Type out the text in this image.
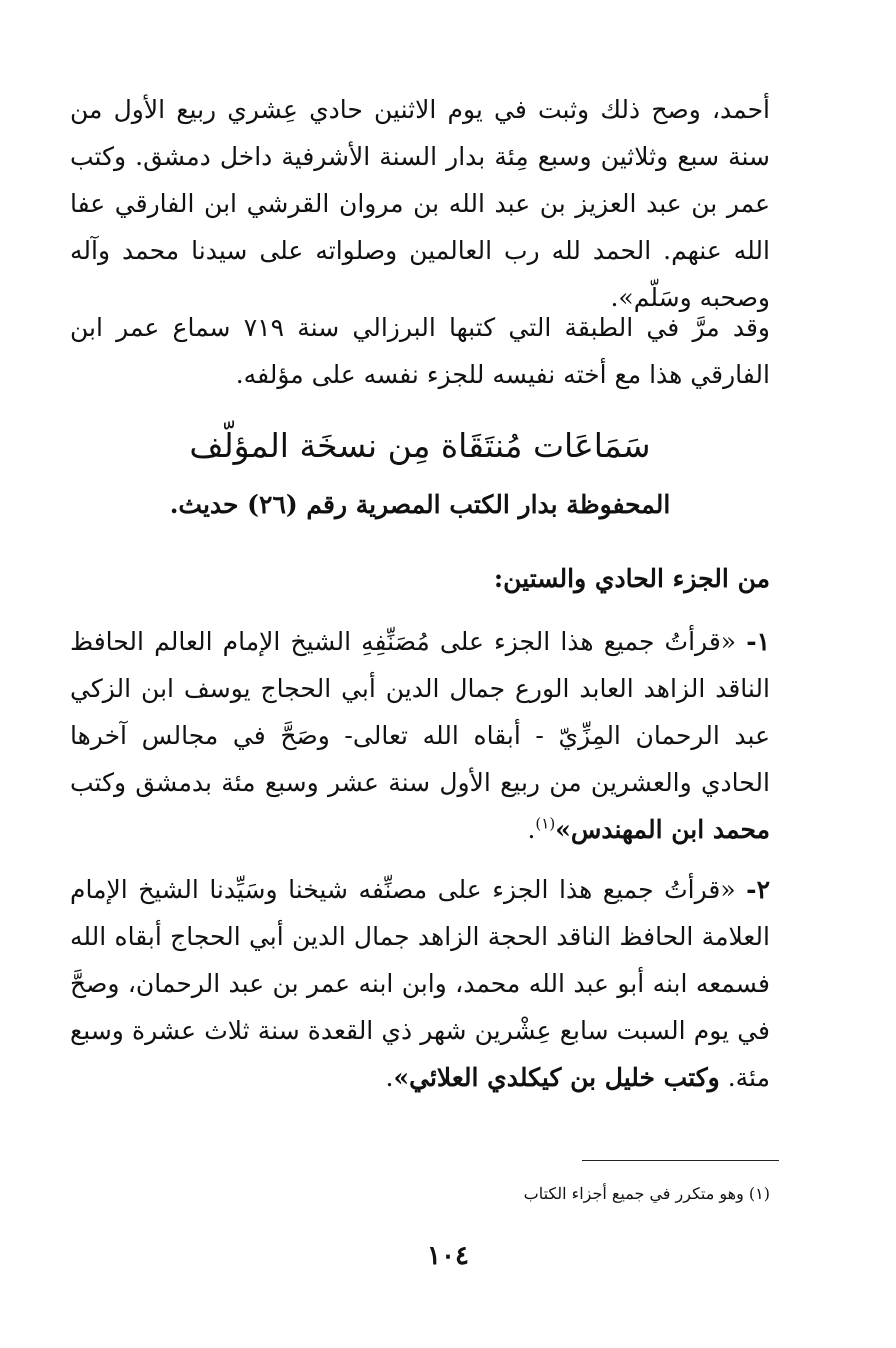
أحمد، وصح ذلك وثبت في يوم الاثنين حادي عِشري ربيع الأول من سنة سبع وثلاثين وسبع مِئة بدار السنة الأشرفية داخل دمشق. وكتب عمر بن عبد العزيز بن عبد الله بن مروان القرشي ابن الفارقي عفا الله عنهم. الحمد لله رب العالمين وصلواته على سيدنا محمد وآله وصحبه وسَلّم».

وقد مرَّ في الطبقة التي كتبها البرزالي سنة ٧١٩ سماع عمر ابن الفارقي هذا مع أخته نفيسه للجزء نفسه على مؤلفه.

سَمَاعَات مُنتَقَاة مِن نسخَة المؤلّف
المحفوظة بدار الكتب المصرية رقم (٢٦) حديث.
من الجزء الحادي والستين:

١- «قرأتُ جميع هذا الجزء على مُصَنِّفِهِ الشيخ الإمام العالم الحافظ الناقد الزاهد العابد الورع جمال الدين أبي الحجاج يوسف ابن الزكي عبد الرحمان المِزِّيّ - أبقاه الله تعالى- وصَحَّ في مجالس آخرها الحادي والعشرين من ربيع الأول سنة عشر وسبع مئة بدمشق وكتب محمد ابن المهندس»$^{(١)}$.

٢- «قرأتُ جميع هذا الجزء على مصنِّفه شيخنا وسَيِّدنا الشيخ الإمام العلامة الحافظ الناقد الحجة الزاهد جمال الدين أبي الحجاج أبقاه الله فسمعه ابنه أبو عبد الله محمد، وابن ابنه عمر بن عبد الرحمان، وصحَّ في يوم السبت سابع عِشْرين شهر ذي القعدة سنة ثلاث عشرة وسبع مئة. وكتب خليل بن كيكلدي العلائي».

(١) وهو متكرر في جميع أجزاء الكتاب
١٠٤
